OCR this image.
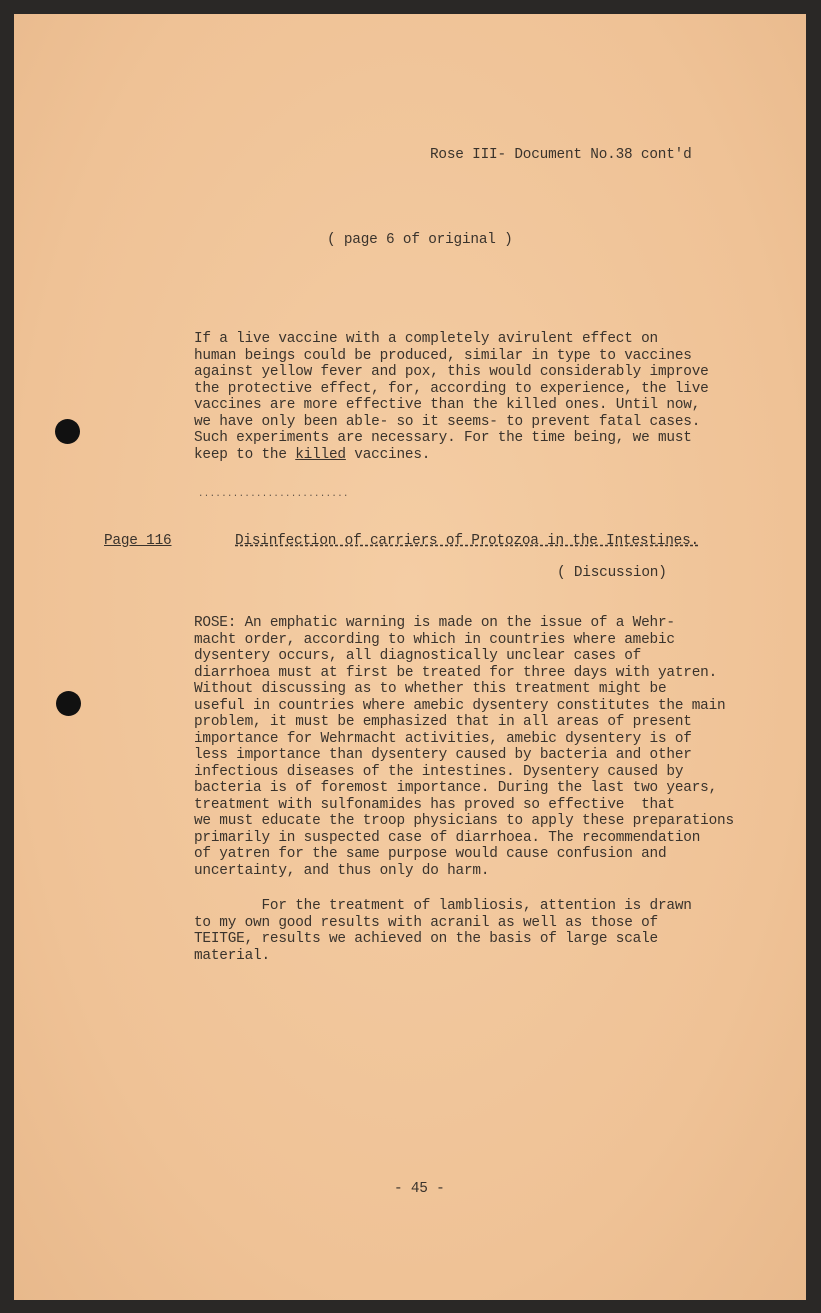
Rose III- Document No.38 cont'd
( page 6 of original )
If a live vaccine with a completely avirulent effect on
human beings could be produced, similar in type to vaccines
against yellow fever and pox, this would considerably improve
the protective effect, for, according to experience, the live
vaccines are more effective than the killed ones. Until now,
we have only been able- so it seems- to prevent fatal cases.
Such experiments are necessary. For the time being, we must
keep to the killed vaccines.
..........................
Page 116	Disinfection of carriers of Protozoa in the Intestines.
( Discussion)
ROSE: An emphatic warning is made on the issue of a Wehr-
macht order, according to which in countries where amebic
dysentery occurs, all diagnostically unclear cases of
diarrhoea must at first be treated for three days with yatren.
Without discussing as to whether this treatment might be
useful in countries where amebic dysentery constitutes the main
problem, it must be emphasized that in all areas of present
importance for Wehrmacht activities, amebic dysentery is of
less importance than dysentery caused by bacteria and other
infectious diseases of the intestines. Dysentery caused by
bacteria is of foremost importance. During the last two years,
treatment with sulfonamides has proved so effective  that
we must educate the troop physicians to apply these preparations
primarily in suspected case of diarrhoea. The recommendation
of yatren for the same purpose would cause confusion and
uncertainty, and thus only do harm.
For the treatment of lambliosis, attention is drawn
to my own good results with acranil as well as those of
TEITGE, results we achieved on the basis of large scale
material.
- 45 -
